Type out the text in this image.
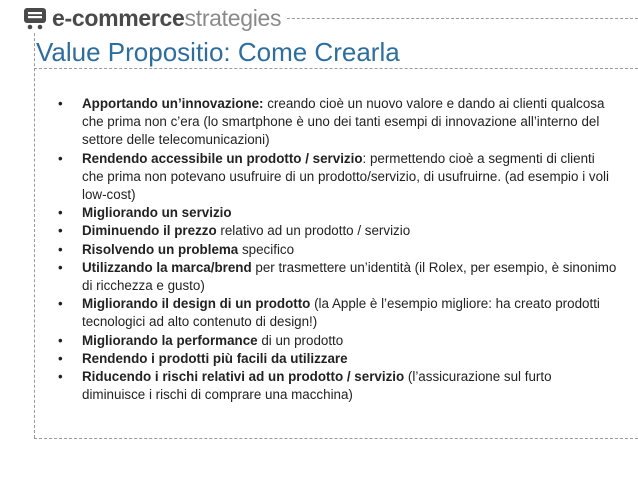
e-commercestrategies
Value Propositio: Come Crearla
• Apportando un’innovazione: creando cioè un nuovo valore e dando ai clienti qualcosa che prima non c’era (lo smartphone è uno dei tanti esempi di innovazione all’interno del settore delle telecomunicazioni)
• Rendendo accessibile un prodotto / servizio: permettendo cioè a segmenti di clienti che prima non potevano usufruire di un prodotto/servizio, di usufruirne. (ad esempio i voli low-cost)
• Migliorando un servizio
• Diminuendo il prezzo relativo ad un prodotto / servizio
• Risolvendo un problema specifico
• Utilizzando la marca/brend per trasmettere un’identità (il Rolex, per esempio, è sinonimo di ricchezza e gusto)
• Migliorando il design di un prodotto (la Apple è l’esempio migliore: ha creato prodotti tecnologici ad alto contenuto di design!)
• Migliorando la performance di un prodotto
• Rendendo i prodotti più facili da utilizzare
• Riducendo i rischi relativi ad un prodotto / servizio (l’assicurazione sul furto diminuisce i rischi di comprare una macchina)
